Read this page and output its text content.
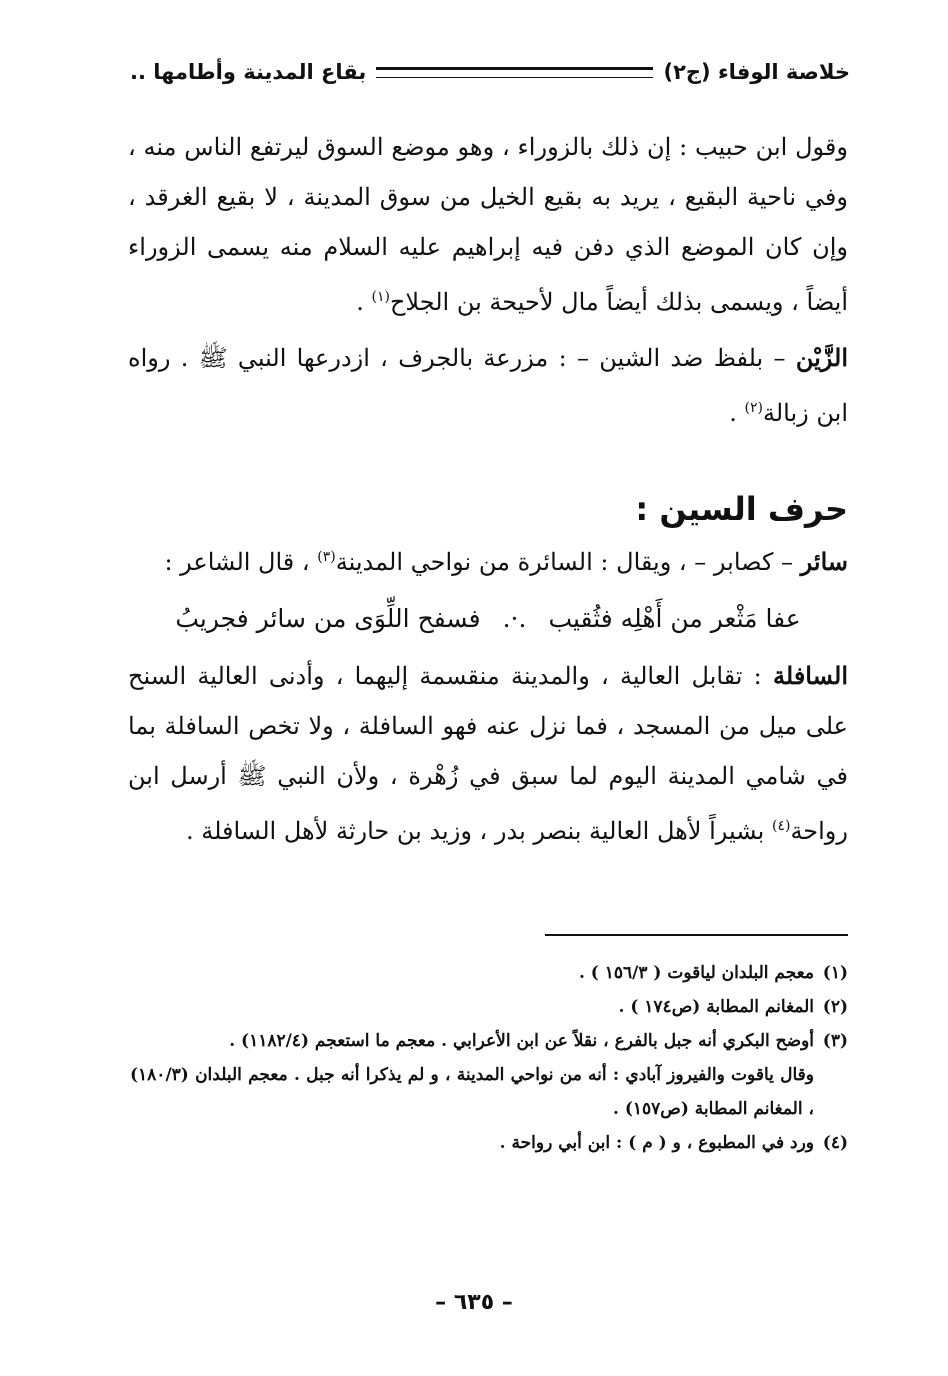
خلاصة الوفاء (ج٢)
بقاع المدينة وأطامها ..

وقول ابن حبيب : إن ذلك بالزوراء ، وهو موضع السوق ليرتفع الناس منه ، وفي ناحية البقيع ، يريد به بقيع الخيل من سوق المدينة ، لا بقيع الغرقد ، وإن كان الموضع الذي دفن فيه إبراهيم عليه السلام منه يسمى الزوراء أيضاً ، ويسمى بذلك أيضاً مال لأحيحة بن الجلاح$^{(١)}$ .

الزَّيْن – بلفظ ضد الشين – : مزرعة بالجرف ، ازدرعها النبي ﷺ . رواه ابن زبالة$^{(٢)}$ .

حرف السين :

سائر – كصابر – ، ويقال : السائرة من نواحي المدينة$^{(٣)}$ ، قال الشاعر :

عفا مَثْعر من أَهْلِه فثُقيب
.·.
فسفح اللِّوَى من سائر فجريبُ

السافلة : تقابل العالية ، والمدينة منقسمة إليهما ، وأدنى العالية السنح على ميل من المسجد ، فما نزل عنه فهو السافلة ، ولا تخص السافلة بما في شامي المدينة اليوم لما سبق في زُهْرة ، ولأن النبي ﷺ أرسل ابن رواحة$^{(٤)}$ بشيراً لأهل العالية بنصر بدر ، وزيد بن حارثة لأهل السافلة .

(١)
معجم البلدان لياقوت ( ١٥٦/٣ ) .
(٢)
المغانم المطابة (ص١٧٤ ) .
(٣)
أوضح البكري أنه جبل بالفرع ، نقلاً عن ابن الأعرابي . معجم ما استعجم (١١٨٢/٤) .
وقال ياقوت والفيروز آبادي : أنه من نواحي المدينة ، و لم يذكرا أنه جبل . معجم البلدان (١٨٠/٣) ، المغانم المطابة (ص١٥٧) .
(٤)
ورد في المطبوع ، و ( م ) : ابن أبي رواحة .
– ٦٣٥ –
